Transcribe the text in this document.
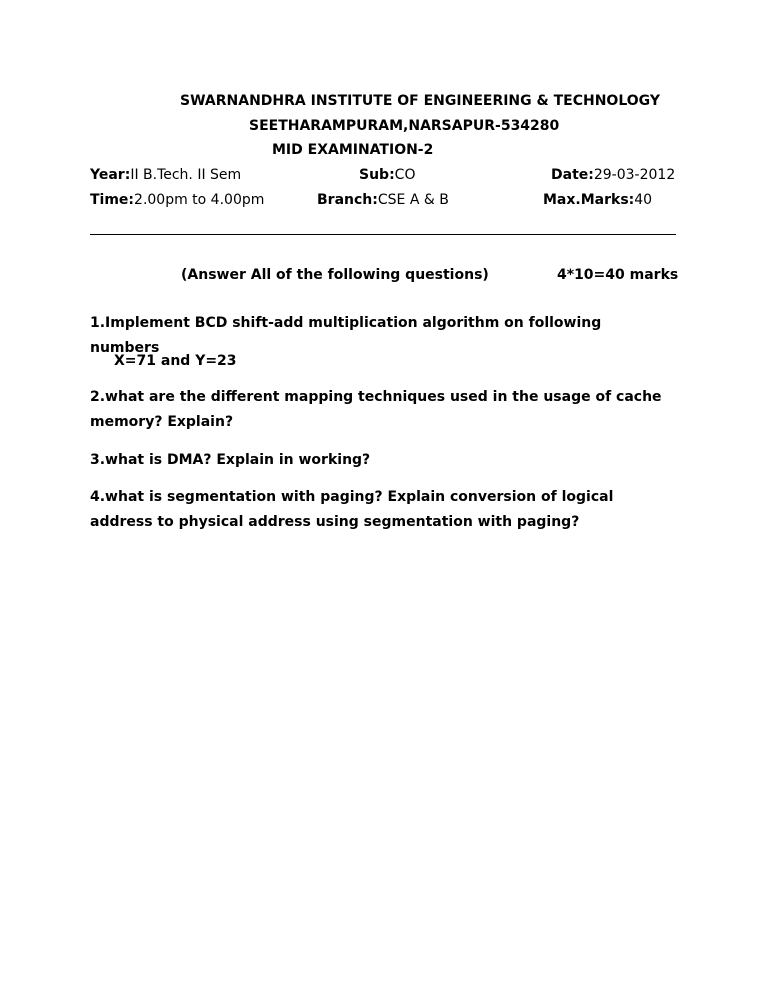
SWARNANDHRA INSTITUTE OF ENGINEERING & TECHNOLOGY
SEETHARAMPURAM,NARSAPUR-534280
MID EXAMINATION-2
Year:II B.Tech. II Sem	Sub:CO	Date:29-03-2012
Time:2.00pm to 4.00pm	Branch:CSE A & B	Max.Marks:40
(Answer All of the following questions)	4*10=40 marks
1.Implement BCD shift-add multiplication algorithm on following numbers
X=71 and Y=23
2.what are the different mapping techniques used in the usage of cache memory? Explain?
3.what is DMA? Explain in working?
4.what is segmentation with paging? Explain conversion of logical address to physical address using segmentation with paging?
